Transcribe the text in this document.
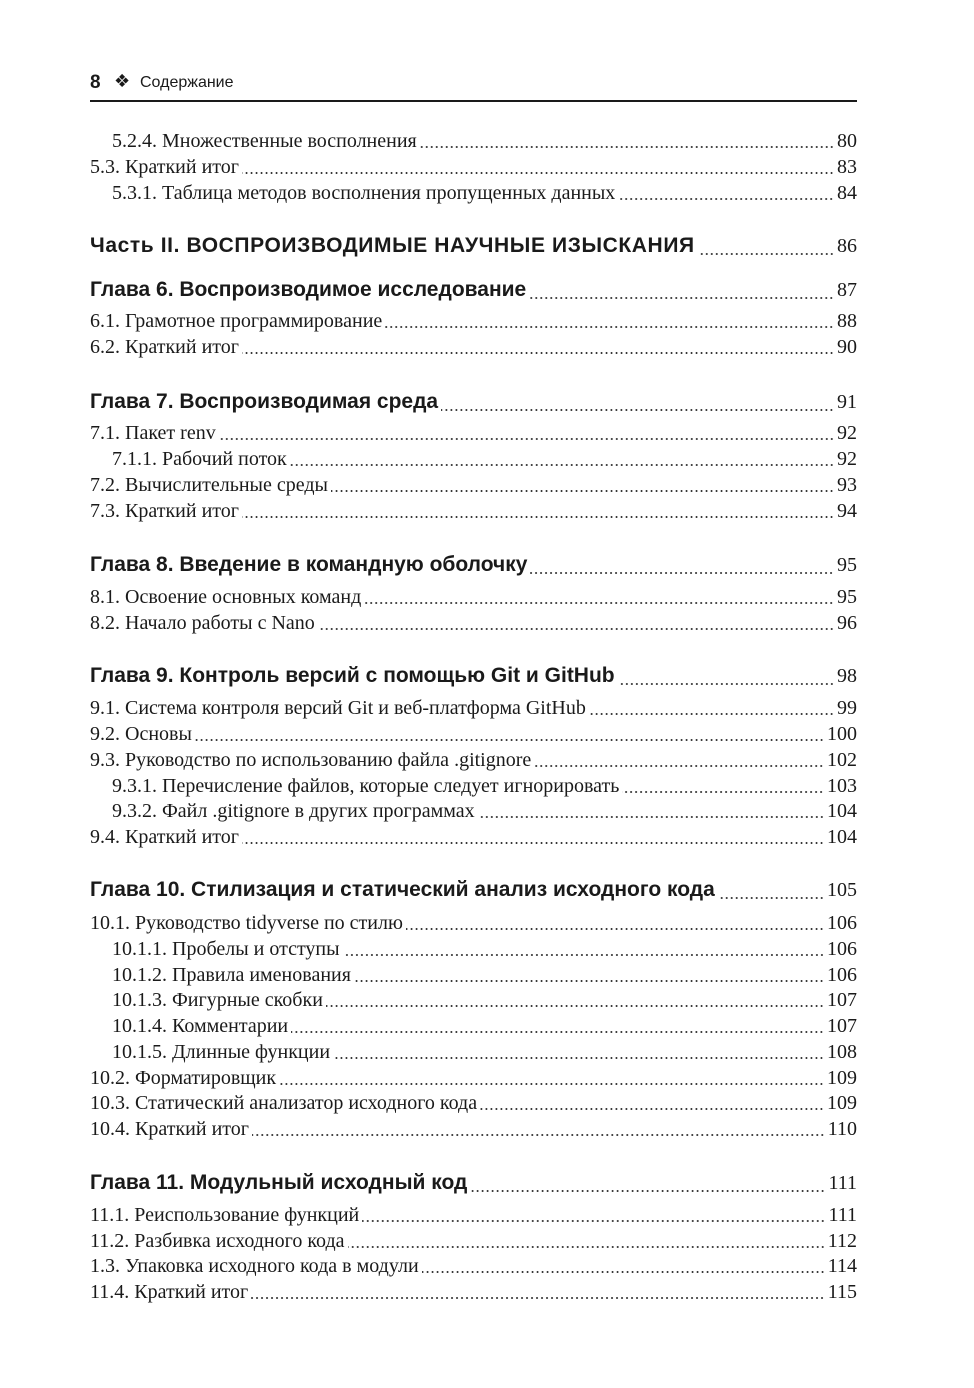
8 ❖ Содержание
5.2.4. Множественные восполнения	80
5.3. Краткий итог	83
5.3.1. Таблица методов восполнения пропущенных данных	84
Часть II. ВОСПРОИЗВОДИМЫЕ НАУЧНЫЕ ИЗЫСКАНИЯ	86
Глава 6. Воспроизводимое исследование	87
6.1. Грамотное программирование	88
6.2. Краткий итог	90
Глава 7. Воспроизводимая среда	91
7.1. Пакет renv	92
7.1.1. Рабочий поток	92
7.2. Вычислительные среды	93
7.3. Краткий итог	94
Глава 8. Введение в командную оболочку	95
8.1. Освоение основных команд	95
8.2. Начало работы с Nano	96
Глава 9. Контроль версий с помощью Git и GitHub	98
9.1. Система контроля версий Git и веб-платформа GitHub	99
9.2. Основы	100
9.3. Руководство по использованию файла .gitignore	102
9.3.1. Перечисление файлов, которые следует игнорировать	103
9.3.2. Файл .gitignore в других программах	104
9.4. Краткий итог	104
Глава 10. Стилизация и статический анализ исходного кода	105
10.1. Руководство tidyverse по стилю	106
10.1.1. Пробелы и отступы	106
10.1.2. Правила именования	106
10.1.3. Фигурные скобки	107
10.1.4. Комментарии	107
10.1.5. Длинные функции	108
10.2. Форматировщик	109
10.3. Статический анализатор исходного кода	109
10.4. Краткий итог	110
Глава 11. Модульный исходный код	111
11.1. Реиспользование функций	111
11.2. Разбивка исходного кода	112
1.3. Упаковка исходного кода в модули	114
11.4. Краткий итог	115
